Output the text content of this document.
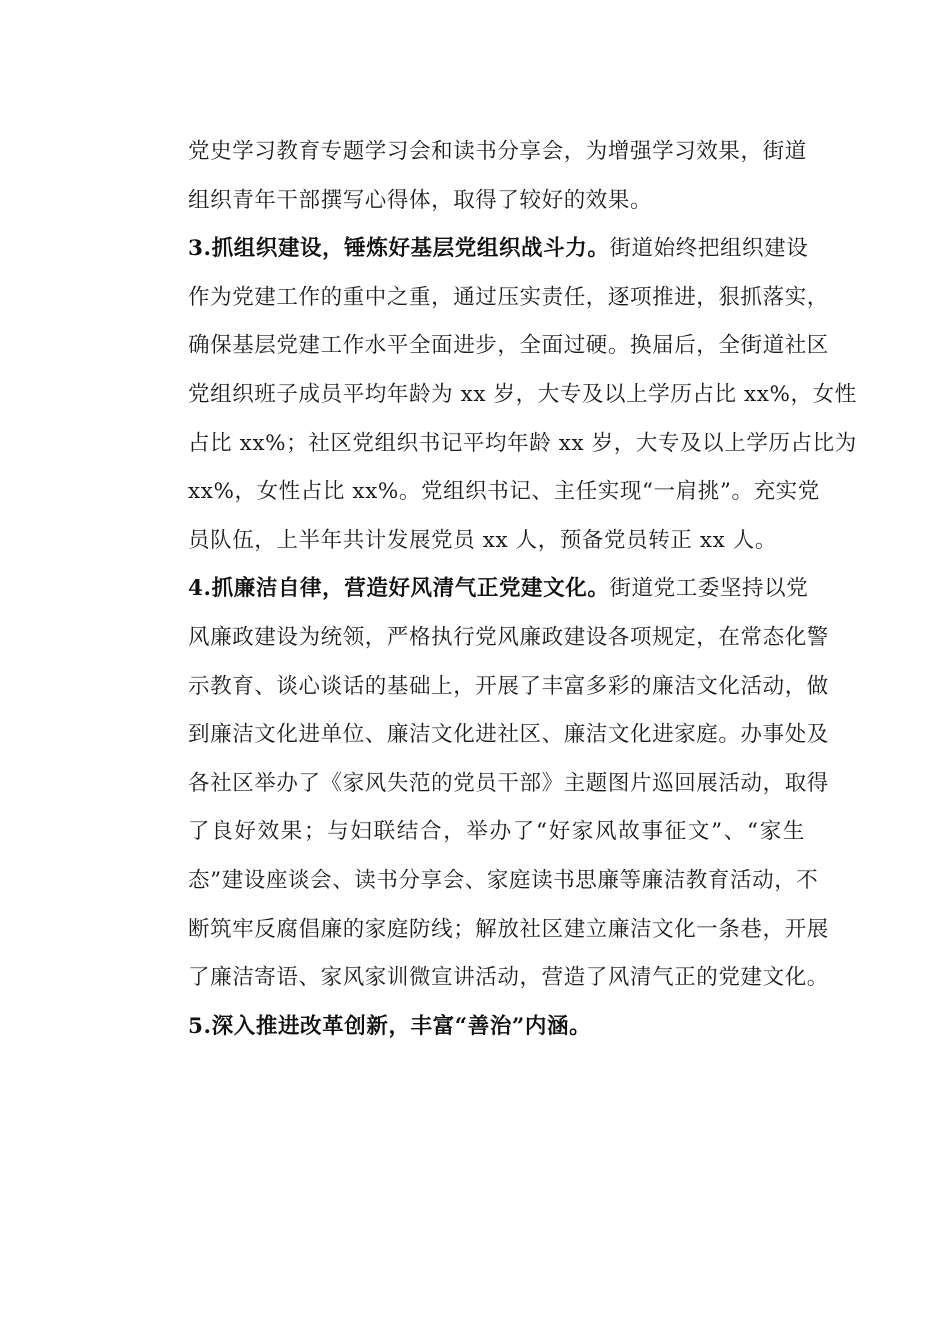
党史学习教育专题学习会和读书分享会，为增强学习效果，街道
组织青年干部撰写心得体，取得了较好的效果。
3.抓组织建设，锤炼好基层党组织战斗力。街道始终把组织建设
作为党建工作的重中之重，通过压实责任，逐项推进，狠抓落实，
确保基层党建工作水平全面进步，全面过硬。换届后，全街道社区
党组织班子成员平均年龄为 xx 岁，大专及以上学历占比 xx%，女性
占比 xx%；社区党组织书记平均年龄 xx 岁，大专及以上学历占比为
xx%，女性占比 xx%。党组织书记、主任实现“一肩挑”。充实党
员队伍，上半年共计发展党员 xx 人，预备党员转正 xx 人。
4.抓廉洁自律，营造好风清气正党建文化。街道党工委坚持以党
风廉政建设为统领，严格执行党风廉政建设各项规定，在常态化警
示教育、谈心谈话的基础上，开展了丰富多彩的廉洁文化活动，做
到廉洁文化进单位、廉洁文化进社区、廉洁文化进家庭。办事处及
各社区举办了《家风失范的党员干部》主题图片巡回展活动，取得
了良好效果；与妇联结合，举办了“好家风故事征文”、“家生
态”建设座谈会、读书分享会、家庭读书思廉等廉洁教育活动，不
断筑牢反腐倡廉的家庭防线；解放社区建立廉洁文化一条巷，开展
了廉洁寄语、家风家训微宣讲活动，营造了风清气正的党建文化。
5.深入推进改革创新，丰富“善治”内涵。
